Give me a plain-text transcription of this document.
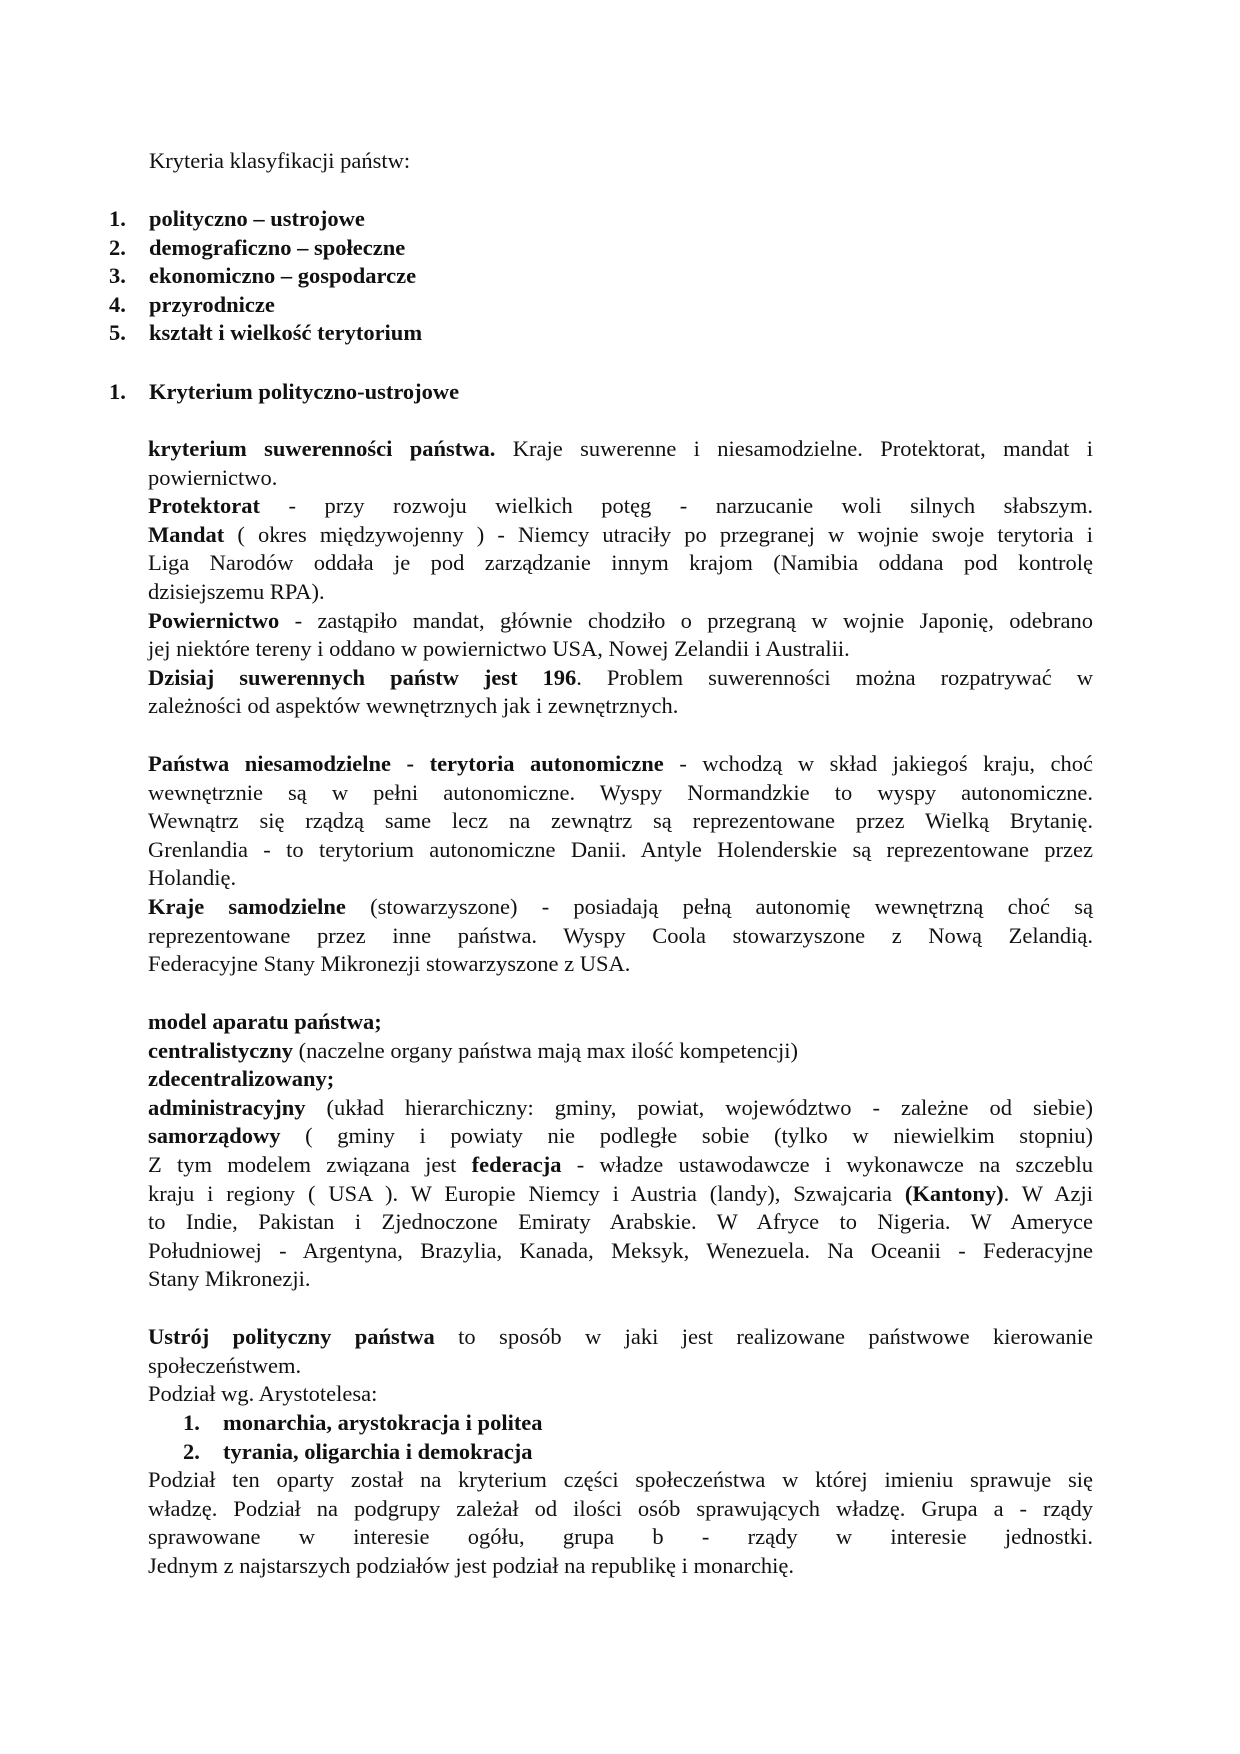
Kryteria klasyfikacji państw:
1. polityczno – ustrojowe
2. demograficzno – społeczne
3. ekonomiczno – gospodarcze
4. przyrodnicze
5. kształt i wielkość terytorium
1. Kryterium polityczno-ustrojowe

kryterium suwerenności państwa. Kraje suwerenne i niesamodzielne. Protektorat, mandat i

powiernictwo.

Protektorat - przy rozwoju wielkich potęg - narzucanie woli silnych słabszym.

Mandat ( okres międzywojenny ) - Niemcy utraciły po przegranej w wojnie swoje terytoria i

Liga Narodów oddała je pod zarządzanie innym krajom (Namibia oddana pod kontrolę

dzisiejszemu RPA).

Powiernictwo - zastąpiło mandat, głównie chodziło o przegraną w wojnie Japonię, odebrano

jej niektóre tereny i oddano w powiernictwo USA, Nowej Zelandii i Australii.

Dzisiaj suwerennych państw jest 196. Problem suwerenności można rozpatrywać w

zależności od aspektów wewnętrznych jak i zewnętrznych.

Państwa niesamodzielne - terytoria autonomiczne - wchodzą w skład jakiegoś kraju, choć

wewnętrznie są w pełni autonomiczne. Wyspy Normandzkie to wyspy autonomiczne.

Wewnątrz się rządzą same lecz na zewnątrz są reprezentowane przez Wielką Brytanię.

Grenlandia - to terytorium autonomiczne Danii. Antyle Holenderskie są reprezentowane przez

Holandię.

Kraje samodzielne (stowarzyszone) - posiadają pełną autonomię wewnętrzną choć są

reprezentowane przez inne państwa. Wyspy Coola stowarzyszone z Nową Zelandią.

Federacyjne Stany Mikronezji stowarzyszone z USA.

model aparatu państwa;

centralistyczny (naczelne organy państwa mają max ilość kompetencji)

zdecentralizowany;

administracyjny (układ hierarchiczny: gminy, powiat, województwo - zależne od siebie)

samorządowy ( gminy i powiaty nie podległe sobie (tylko w niewielkim stopniu)

Z tym modelem związana jest federacja - władze ustawodawcze i wykonawcze na szczeblu

kraju i regiony ( USA ). W Europie Niemcy i Austria (landy), Szwajcaria (Kantony). W Azji

to Indie, Pakistan i Zjednoczone Emiraty Arabskie. W Afryce to Nigeria. W Ameryce

Południowej - Argentyna, Brazylia, Kanada, Meksyk, Wenezuela. Na Oceanii - Federacyjne

Stany Mikronezji.

Ustrój polityczny państwa to sposób w jaki jest realizowane państwowe kierowanie

społeczeństwem.

Podział wg. Arystotelesa:

1. monarchia, arystokracja i politea
2. tyrania, oligarchia i demokracja

Podział ten oparty został na kryterium części społeczeństwa w której imieniu sprawuje się

władzę. Podział na podgrupy zależał od ilości osób sprawujących władzę. Grupa a - rządy

sprawowane w interesie ogółu, grupa b - rządy w interesie jednostki.

Jednym z najstarszych podziałów jest podział na republikę i monarchię.
